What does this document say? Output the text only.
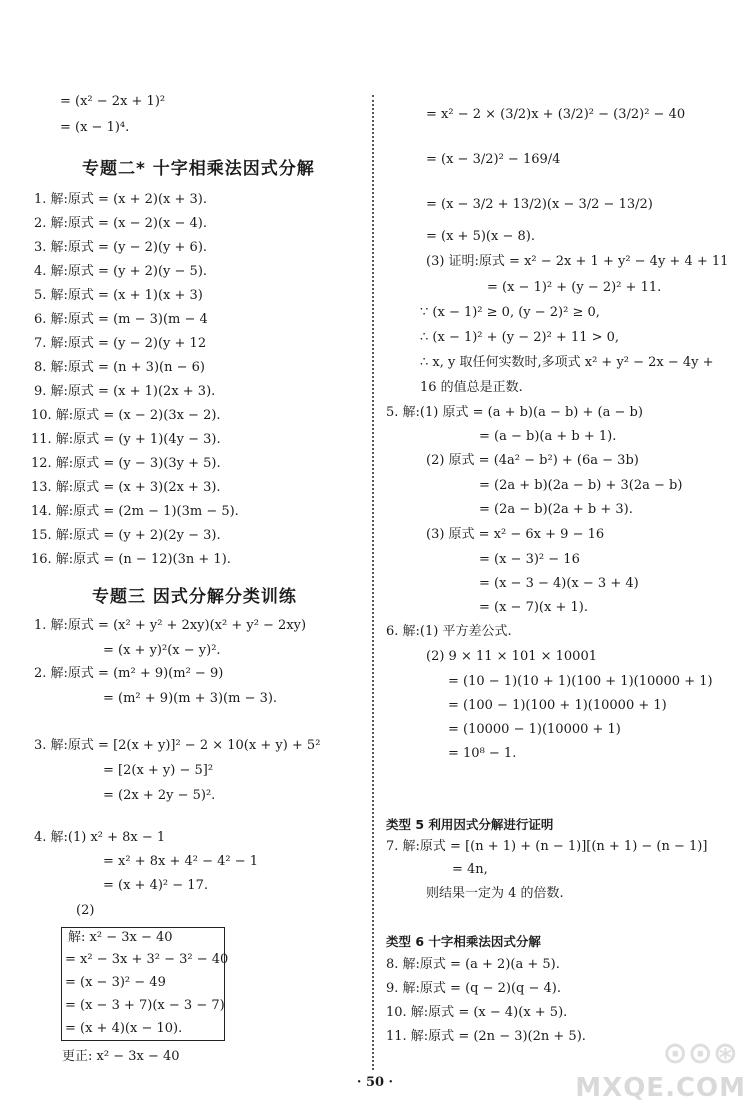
= (x² − 2x + 1)²
= (x − 1)⁴.
专题二* 十字相乘法因式分解
1. 解:原式 = (x + 2)(x + 3).
2. 解:原式 = (x − 2)(x − 4).
3. 解:原式 = (y − 2)(y + 6).
4. 解:原式 = (y + 2)(y − 5).
5. 解:原式 = (x + 1)(x + 3)
6. 解:原式 = (m − 3)(m − 4
7. 解:原式 = (y − 2)(y + 12
8. 解:原式 = (n + 3)(n − 6)
9. 解:原式 = (x + 1)(2x + 3).
10. 解:原式 = (x − 2)(3x − 2).
11. 解:原式 = (y + 1)(4y − 3).
12. 解:原式 = (y − 3)(3y + 5).
13. 解:原式 = (x + 3)(2x + 3).
14. 解:原式 = (2m − 1)(3m − 5).
15. 解:原式 = (y + 2)(2y − 3).
16. 解:原式 = (n − 12)(3n + 1).
专题三 因式分解分类训练
1. 解:原式 = (x² + y² + 2xy)(x² + y² − 2xy)
= (x + y)²(x − y)².
2. 解:原式 = (m² + 9)(m² − 9)
= (m² + 9)(m + 3)(m − 3).
3. 解:原式 = [2(x + y)]² − 2 × 10(x + y) + 5²
= [2(x + y) − 5]²
= (2x + 2y − 5)².
4. 解:(1) x² + 8x − 1
= x² + 8x + 4² − 4² − 1
= (x + 4)² − 17.
(2)
解: x² − 3x − 40
= x² − 3x + 3² − 3² − 40
= (x − 3)² − 49
= (x − 3 + 7)(x − 3 − 7)
= (x + 4)(x − 10).
更正: x² − 3x − 40
= x² − 2 × (3/2)x + (3/2)² − (3/2)² − 40
= (x − 3/2)² − 169/4
= (x − 3/2 + 13/2)(x − 3/2 − 13/2)
= (x + 5)(x − 8).
(3) 证明:原式 = x² − 2x + 1 + y² − 4y + 4 + 11
= (x − 1)² + (y − 2)² + 11.
∵ (x − 1)² ≥ 0, (y − 2)² ≥ 0,
∴ (x − 1)² + (y − 2)² + 11 > 0,
∴ x, y 取任何实数时,多项式 x² + y² − 2x − 4y +
16 的值总是正数.
5. 解:(1) 原式 = (a + b)(a − b) + (a − b)
= (a − b)(a + b + 1).
(2) 原式 = (4a² − b²) + (6a − 3b)
= (2a + b)(2a − b) + 3(2a − b)
= (2a − b)(2a + b + 3).
(3) 原式 = x² − 6x + 9 − 16
= (x − 3)² − 16
= (x − 3 − 4)(x − 3 + 4)
= (x − 7)(x + 1).
6. 解:(1) 平方差公式.
(2) 9 × 11 × 101 × 10001
= (10 − 1)(10 + 1)(100 + 1)(10000 + 1)
= (100 − 1)(100 + 1)(10000 + 1)
= (10000 − 1)(10000 + 1)
= 10⁸ − 1.
类型 5 利用因式分解进行证明
7. 解:原式 = [(n + 1) + (n − 1)][(n + 1) − (n − 1)]
= 4n,
则结果一定为 4 的倍数.
类型 6 十字相乘法因式分解
8. 解:原式 = (a + 2)(a + 5).
9. 解:原式 = (q − 2)(q − 4).
10. 解:原式 = (x − 4)(x + 5).
11. 解:原式 = (2n − 3)(2n + 5).
· 50 ·
⊙⊙⊛
MXQE.COM
